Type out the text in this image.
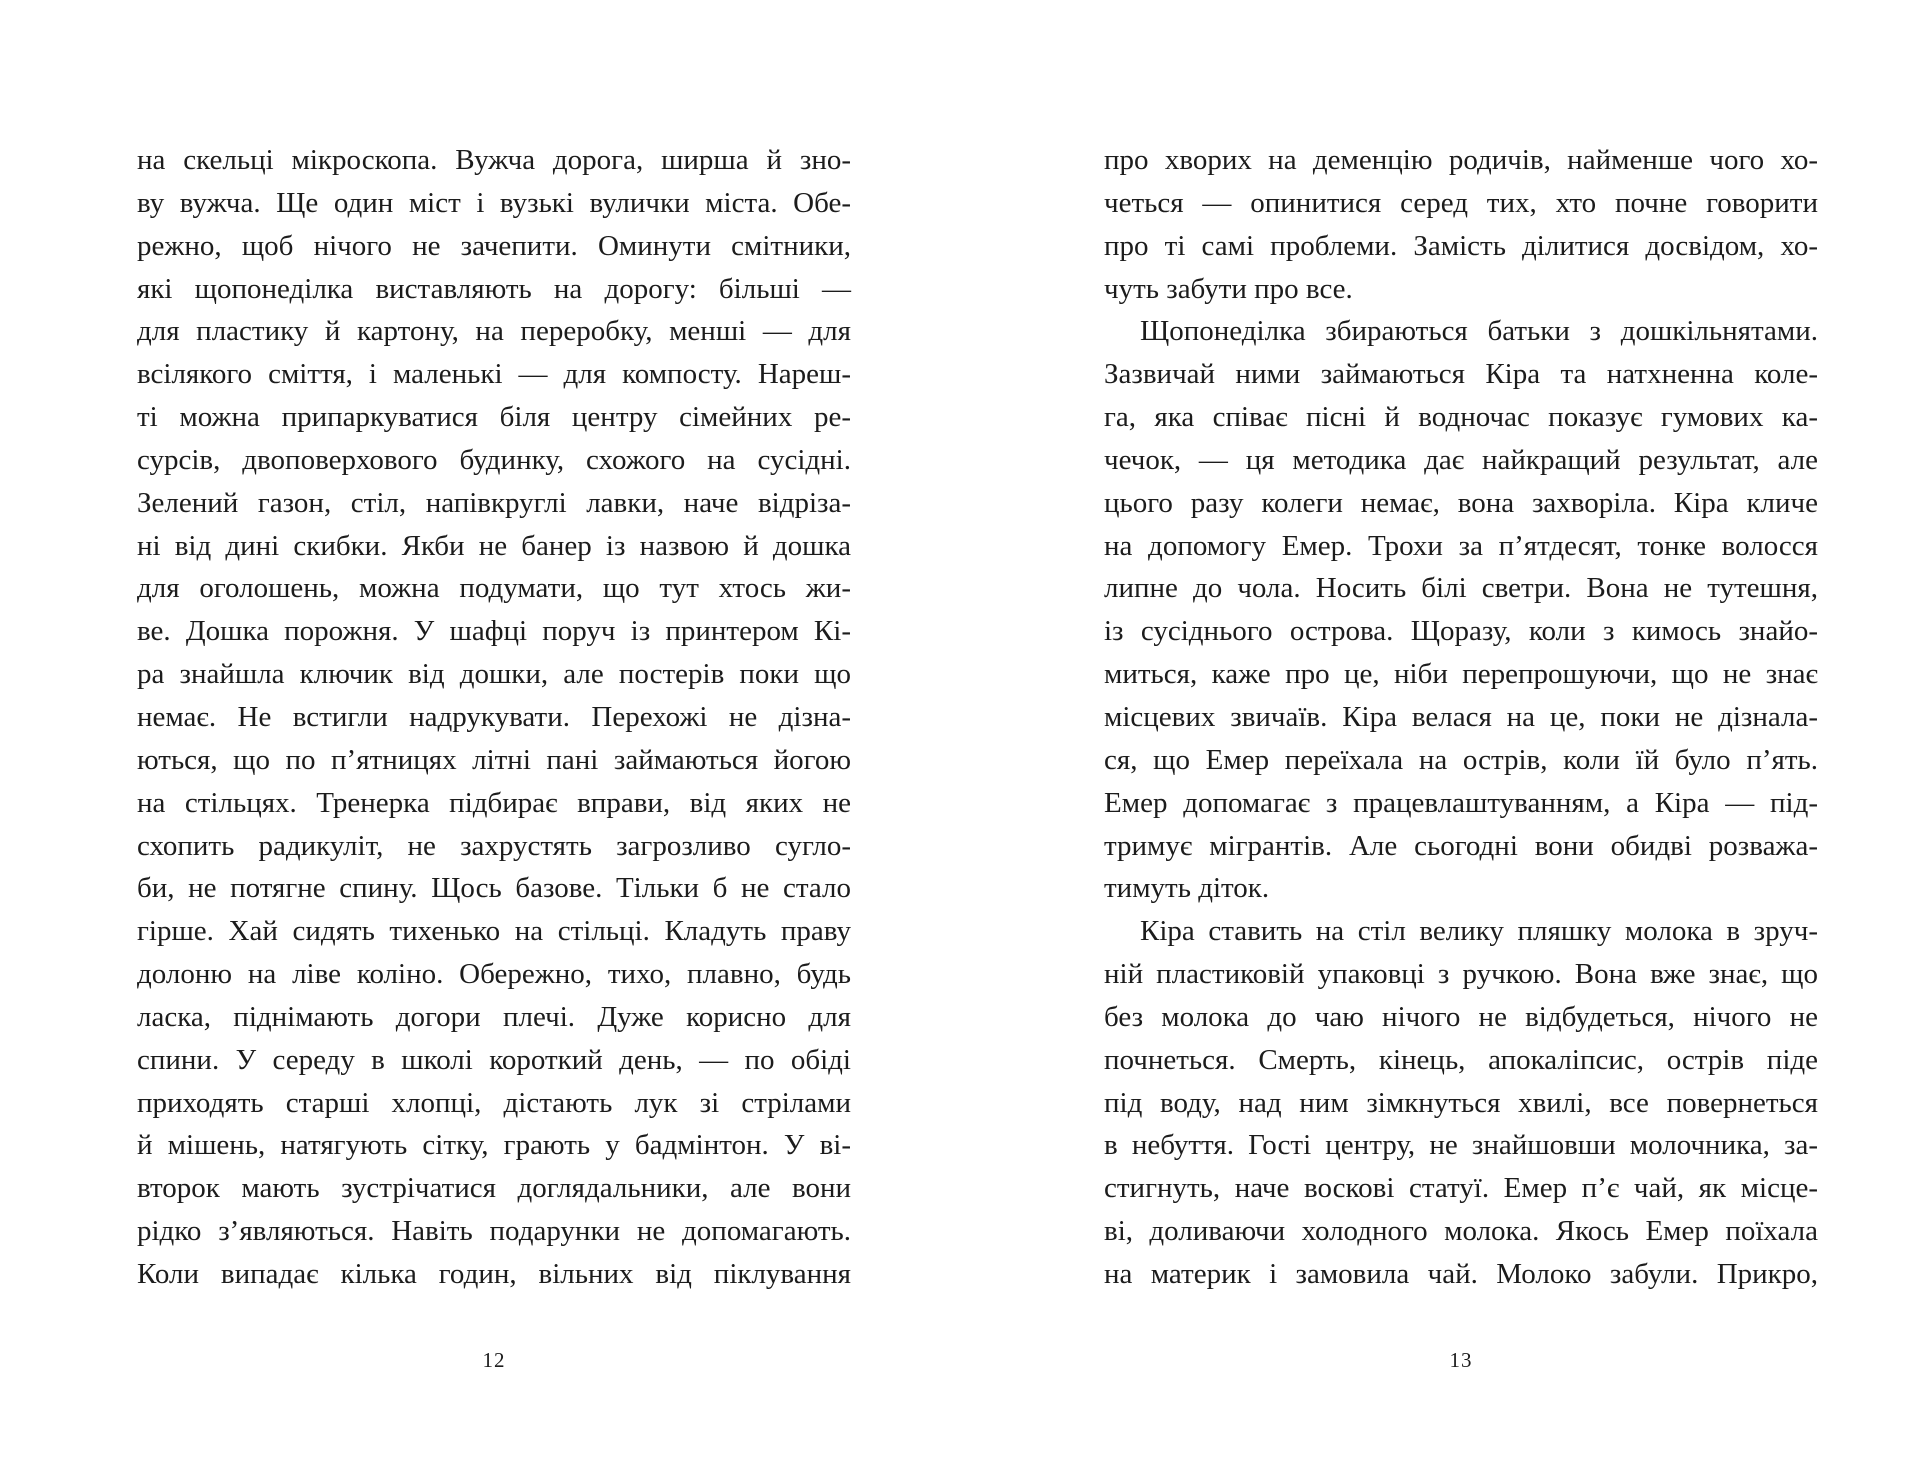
на скельці мікроскопа. Вужча дорога, ширша й зно-
ву вужча. Ще один міст і вузькі вулички міста. Обе-
режно, щоб нічого не зачепити. Оминути смітники,
які щопонеділка виставляють на дорогу: більші —
для пластику й картону, на переробку, менші — для
всілякого сміття, і маленькі — для компосту. Нареш-
ті можна припаркуватися біля центру сімейних ре-
сурсів, двоповерхового будинку, схожого на сусідні.
Зелений газон, стіл, напівкруглі лавки, наче відріза-
ні від дині скибки. Якби не банер із назвою й дошка
для оголошень, можна подумати, що тут хтось жи-
ве. Дошка порожня. У шафці поруч із принтером Кі-
ра знайшла ключик від дошки, але постерів поки що
немає. Не встигли надрукувати. Перехожі не дізна-
ються, що по п’ятницях літні пані займаються йогою
на стільцях. Тренерка підбирає вправи, від яких не
схопить радикуліт, не захрустять загрозливо сугло-
би, не потягне спину. Щось базове. Тільки б не стало
гірше. Хай сидять тихенько на стільці. Кладуть праву
долоню на ліве коліно. Обережно, тихо, плавно, будь
ласка, піднімають догори плечі. Дуже корисно для
спини. У середу в школі короткий день, — по обіді
приходять старші хлопці, дістають лук зі стрілами
й мішень, натягують сітку, грають у бадмінтон. У ві-
второк мають зустрічатися доглядальники, але вони
рідко з’являються. Навіть подарунки не допомагають.
Коли випадає кілька годин, вільних від піклування
12
про хворих на деменцію родичів, найменше чого хо-
четься — опинитися серед тих, хто почне говорити
про ті самі проблеми. Замість ділитися досвідом, хо-
чуть забути про все.
Щопонеділка збираються батьки з дошкільнятами.
Зазвичай ними займаються Кіра та натхненна коле-
га, яка співає пісні й водночас показує гумових ка-
чечок, — ця методика дає найкращий результат, але
цього разу колеги немає, вона захворіла. Кіра кличе
на допомогу Емер. Трохи за п’ятдесят, тонке волосся
липне до чола. Носить білі светри. Вона не тутешня,
із сусіднього острова. Щоразу, коли з кимось знайо-
миться, каже про це, ніби перепрошуючи, що не знає
місцевих звичаїв. Кіра велася на це, поки не дізнала-
ся, що Емер переїхала на острів, коли їй було п’ять.
Емер допомагає з працевлаштуванням, а Кіра — під-
тримує мігрантів. Але сьогодні вони обидві розважа-
тимуть діток.
Кіра ставить на стіл велику пляшку молока в зруч-
ній пластиковій упаковці з ручкою. Вона вже знає, що
без молока до чаю нічого не відбудеться, нічого не
почнеться. Смерть, кінець, апокаліпсис, острів піде
під воду, над ним зімкнуться хвилі, все повернеться
в небуття. Гості центру, не знайшовши молочника, за-
стигнуть, наче воскові статуї. Емер п’є чай, як місце-
ві, доливаючи холодного молока. Якось Емер поїхала
на материк і замовила чай. Молоко забули. Прикро,
13
